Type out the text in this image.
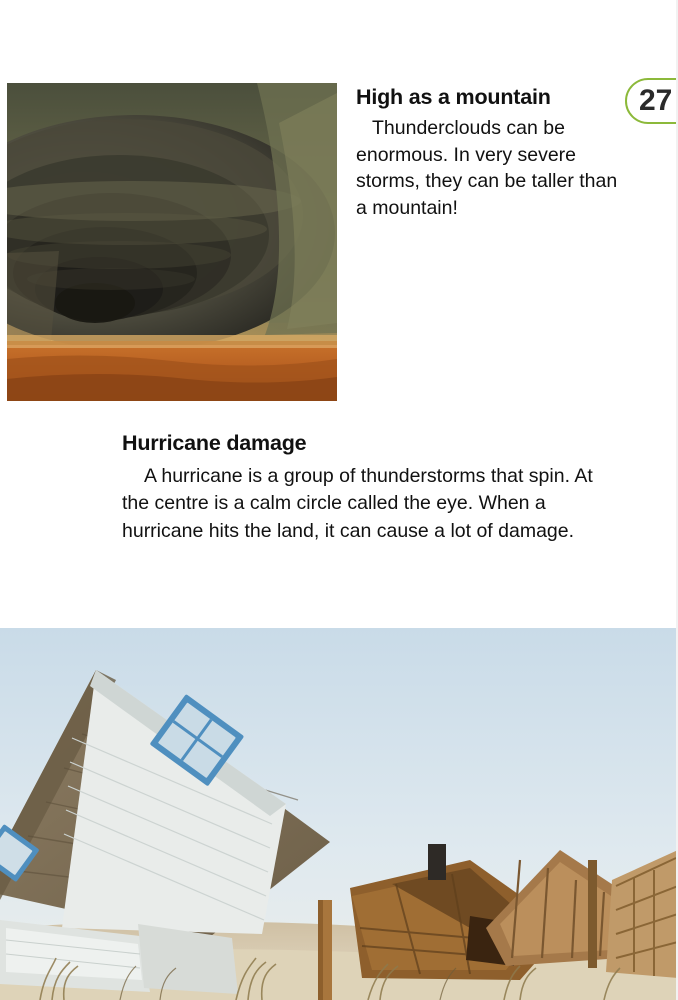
27
High as a mountain

Thunderclouds can be enormous. In very severe storms, they can be taller than a mountain!

Hurricane damage

A hurricane is a group of thunderstorms that spin. At the centre is a calm circle called the eye. When a hurricane hits the land, it can cause a lot of damage.
